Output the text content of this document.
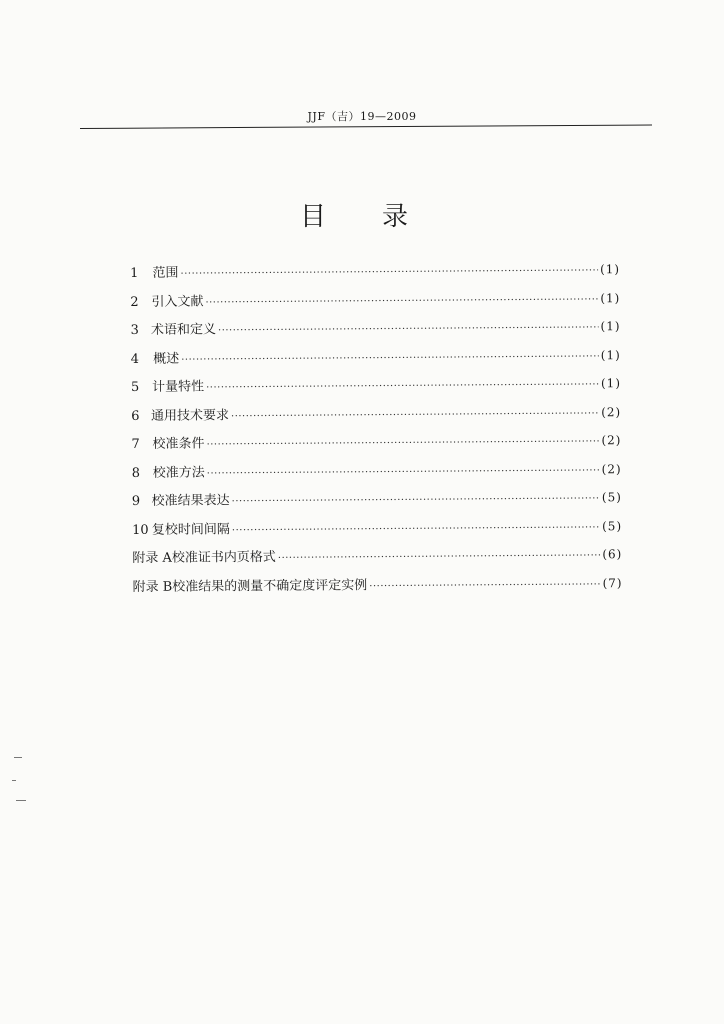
JJF（吉）19—2009
目录
1	范围 ·····	(1)
2 引入文献 ·····	(1)
3 术语和定义 ·····	(1)
4	概述 ·····	(1)
5 计量特性 ·····	(1)
6 通用技术要求 ·····	(2)
7 校准条件 ·····	(2)
8 校准方法 ·····	(2)
9 校准结果表达 ·····	(5)
10 复校时间间隔 ·····	(5)
附录 A 校准证书内页格式 ·····	(6)
附录 B 校准结果的测量不确定度评定实例 ·····	(7)
